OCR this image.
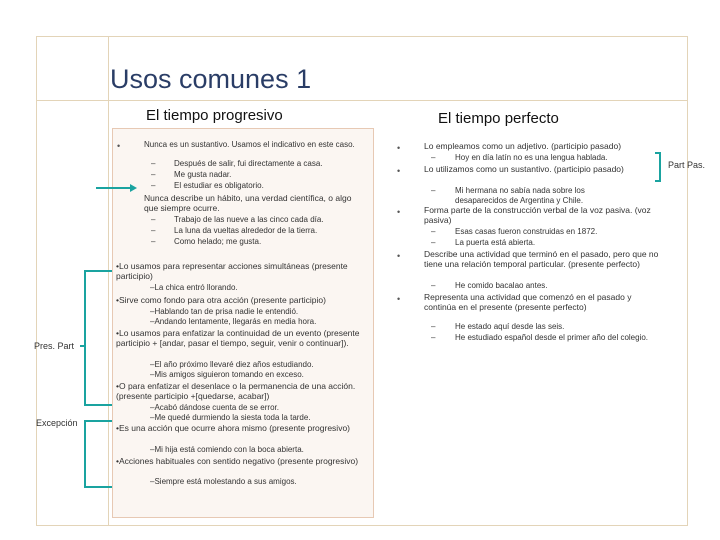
Usos comunes 1
El tiempo progresivo	El tiempo perfecto
•	Nunca es un sustantivo. Usamos el indicativo en este caso.
– Después de salir, fui directamente a casa.
– Me gusta nadar.
– El estudiar es obligatorio.
Nunca describe un hábito, una verdad científica, o algo que siempre ocurre.
– Trabajo de las nueve a las cinco cada día.
– La luna da vueltas alrededor de la tierra.
– Como helado; me gusta.
•Lo usamos para representar acciones simultáneas (presente participio)
–La chica entró llorando.
•Sirve como fondo para otra acción (presente participio)
–Hablando tan de prisa nadie le entendió.
–Andando lentamente, llegarás en media hora.
•Lo usamos para enfatizar la continuidad de un evento (presente participio + [andar, pasar el tiempo, seguir, venir o continuar]).
–El año próximo llevaré diez años estudiando.
–Mis amigos siguieron tomando en exceso.
•O para enfatizar el desenlace o la permanencia de una acción. (presente participio +[quedarse, acabar])
–Acabó dándose cuenta de se error.
–Me quedé durmiendo la siesta toda la tarde.
•Es una acción que ocurre ahora mismo (presente progresivo)
–Mi hija está comiendo con la boca abierta.
•Acciones habituales con sentido negativo (presente progresivo)
–Siempre está molestando a sus amigos.
Pres. Part
Excepción
Part Pas.
•	Lo empleamos como un adjetivo. (participio pasado)
– Hoy en día latín no es una lengua hablada.
•	Lo utilizamos como un sustantivo. (participio pasado)
– Mi hermana no sabía nada sobre los desaparecidos de Argentina y Chile.
•	Forma parte de la construcción verbal de la voz pasiva. (voz pasiva)
– Esas casas fueron construidas en 1872.
– La puerta está abierta.
•	Describe una actividad que terminó en el pasado, pero que no tiene una relación temporal particular. (presente perfecto)
– He comido bacalao antes.
•	Representa una actividad que comenzó en el pasado y continúa en el presente (presente perfecto)
– He estado aquí desde las seis.
– He estudiado español desde el primer año del colegio.
